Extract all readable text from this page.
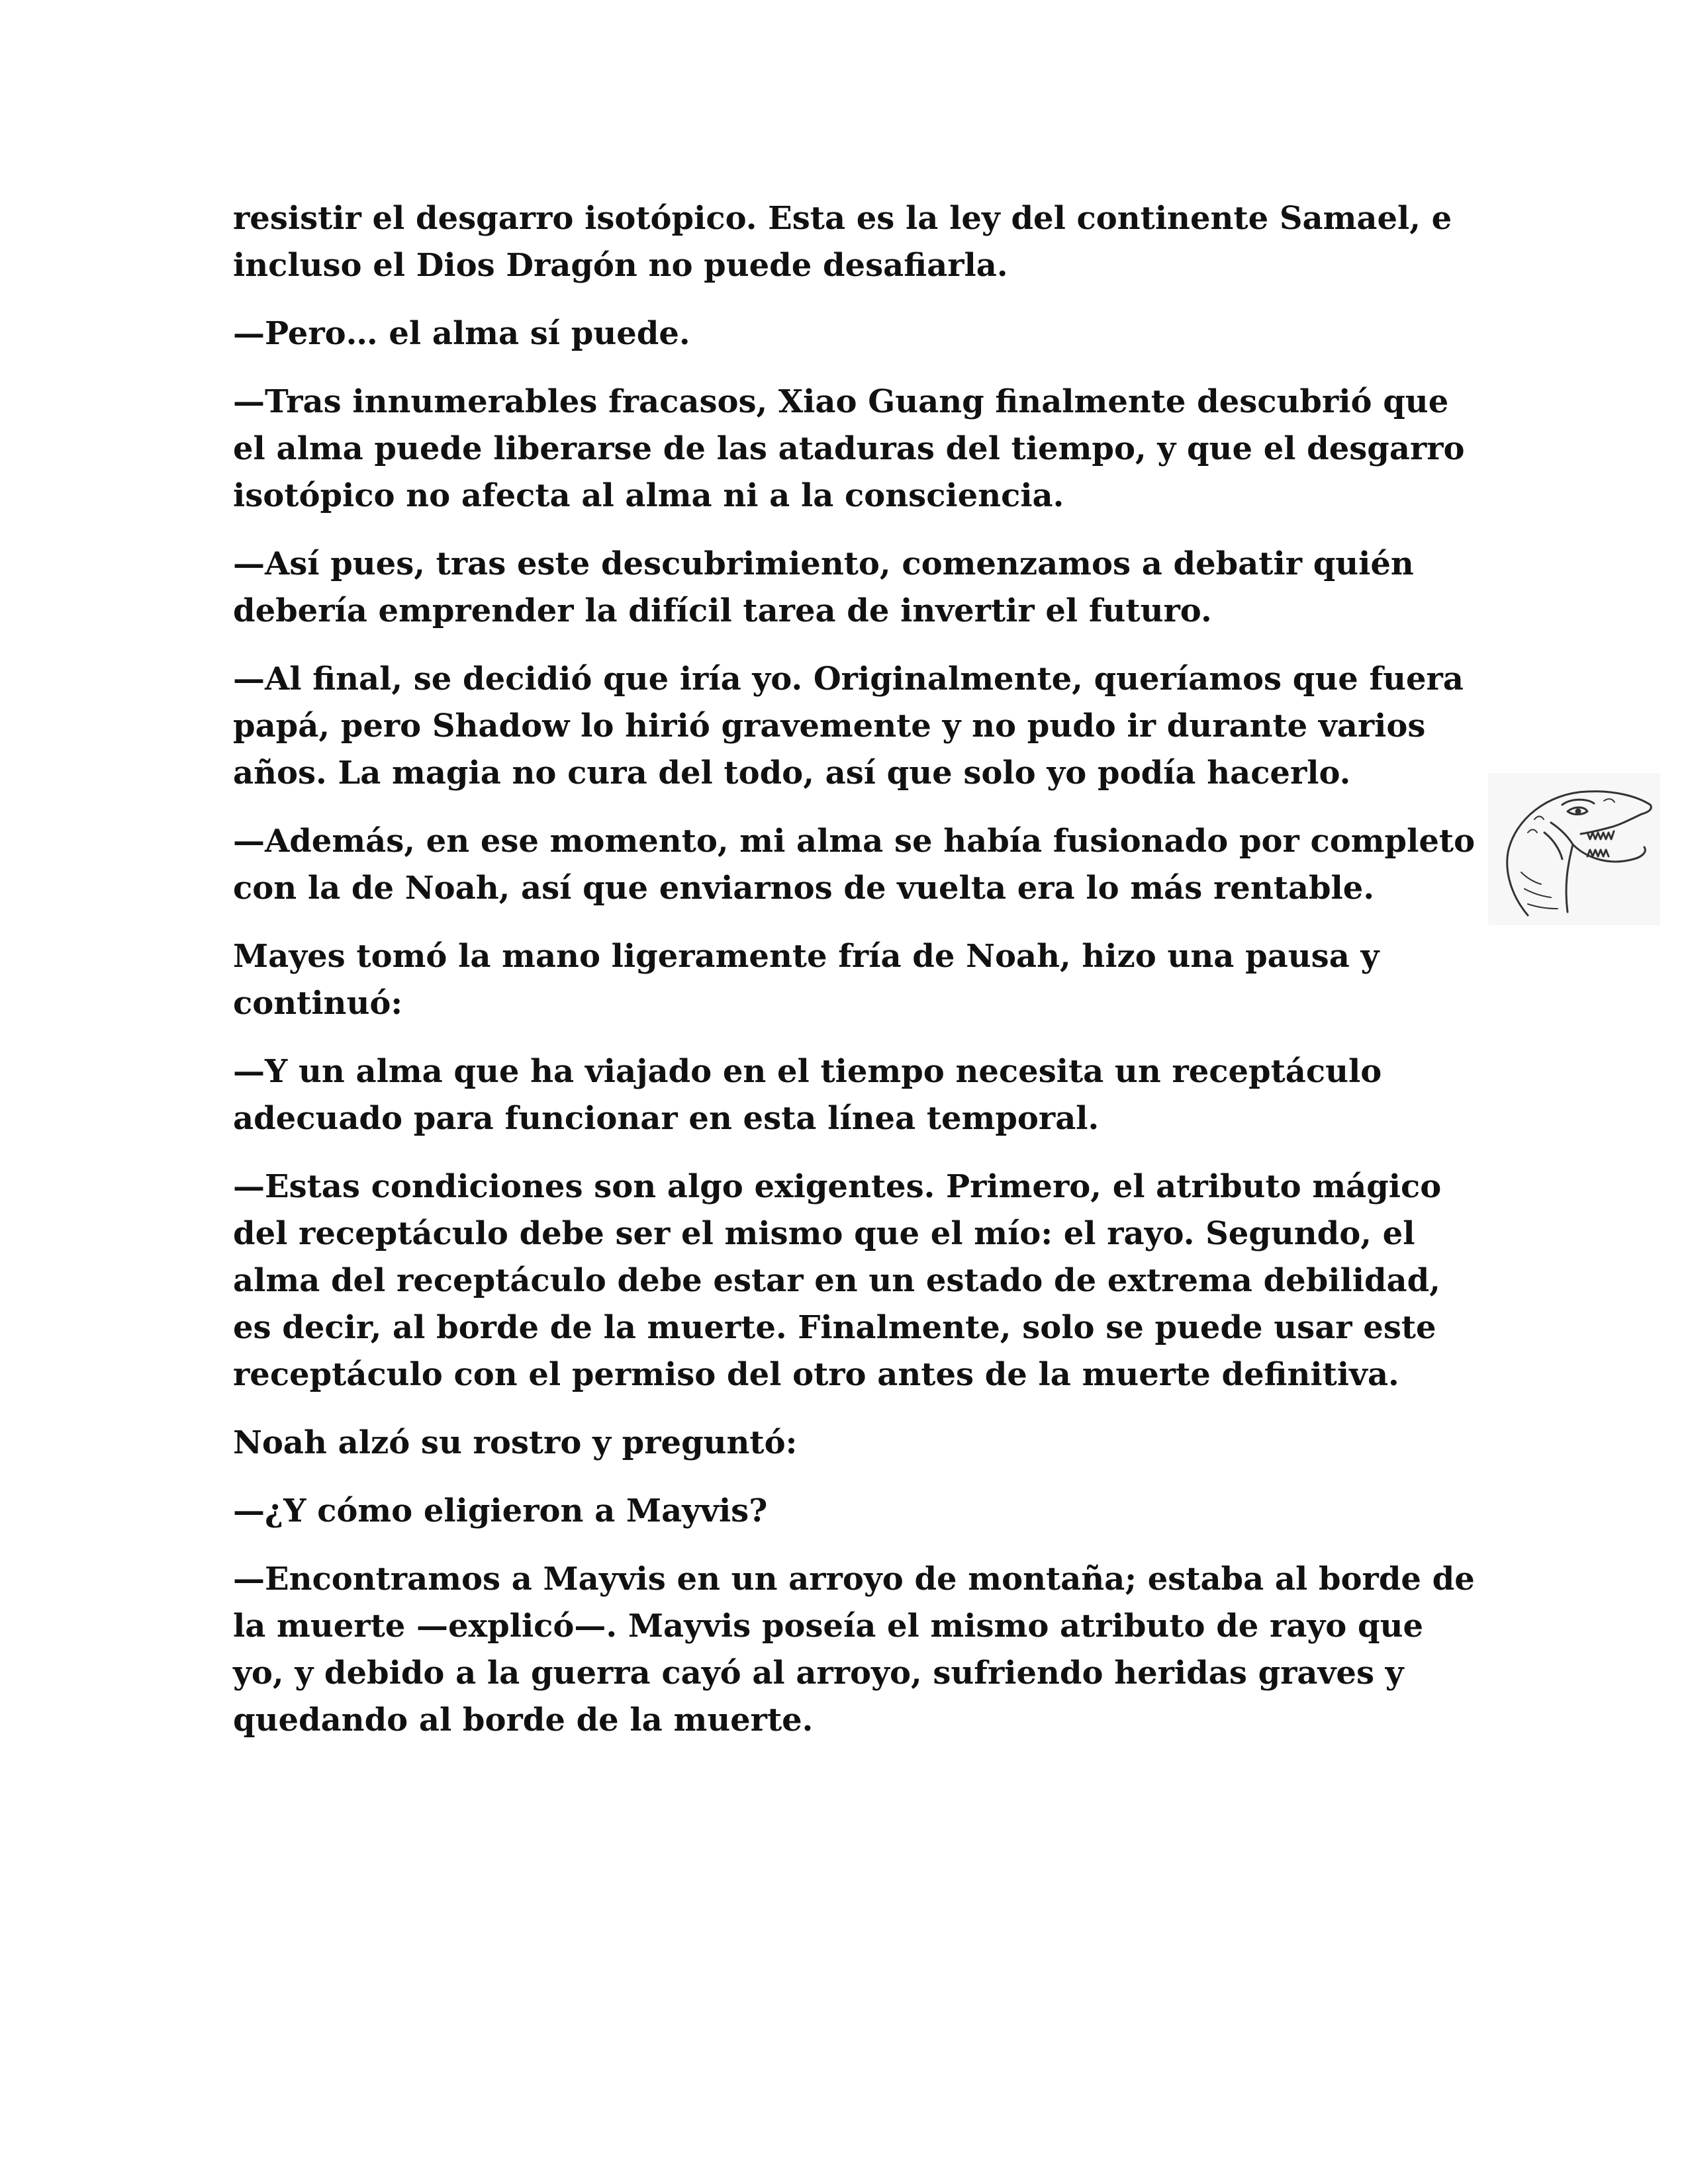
resistir el desgarro isotópico. Esta es la ley del continente Samael, e incluso el Dios Dragón no puede desafiarla.

—Pero… el alma sí puede.

—Tras innumerables fracasos, Xiao Guang finalmente descubrió que el alma puede liberarse de las ataduras del tiempo, y que el desgarro isotópico no afecta al alma ni a la consciencia.

—Así pues, tras este descubrimiento, comenzamos a debatir quién debería emprender la difícil tarea de invertir el futuro.

—Al final, se decidió que iría yo. Originalmente, queríamos que fuera papá, pero Shadow lo hirió gravemente y no pudo ir durante varios años. La magia no cura del todo, así que solo yo podía hacerlo.

—Además, en ese momento, mi alma se había fusionado por completo con la de Noah, así que enviarnos de vuelta era lo más rentable.

Mayes tomó la mano ligeramente fría de Noah, hizo una pausa y continuó:

—Y un alma que ha viajado en el tiempo necesita un receptáculo adecuado para funcionar en esta línea temporal.

—Estas condiciones son algo exigentes. Primero, el atributo mágico del receptáculo debe ser el mismo que el mío: el rayo. Segundo, el alma del receptáculo debe estar en un estado de extrema debilidad, es decir, al borde de la muerte. Finalmente, solo se puede usar este receptáculo con el permiso del otro antes de la muerte definitiva.

Noah alzó su rostro y preguntó:

—¿Y cómo eligieron a Mayvis?

—Encontramos a Mayvis en un arroyo de montaña; estaba al borde de la muerte —explicó—. Mayvis poseía el mismo atributo de rayo que yo, y debido a la guerra cayó al arroyo, sufriendo heridas graves y quedando al borde de la muerte.
